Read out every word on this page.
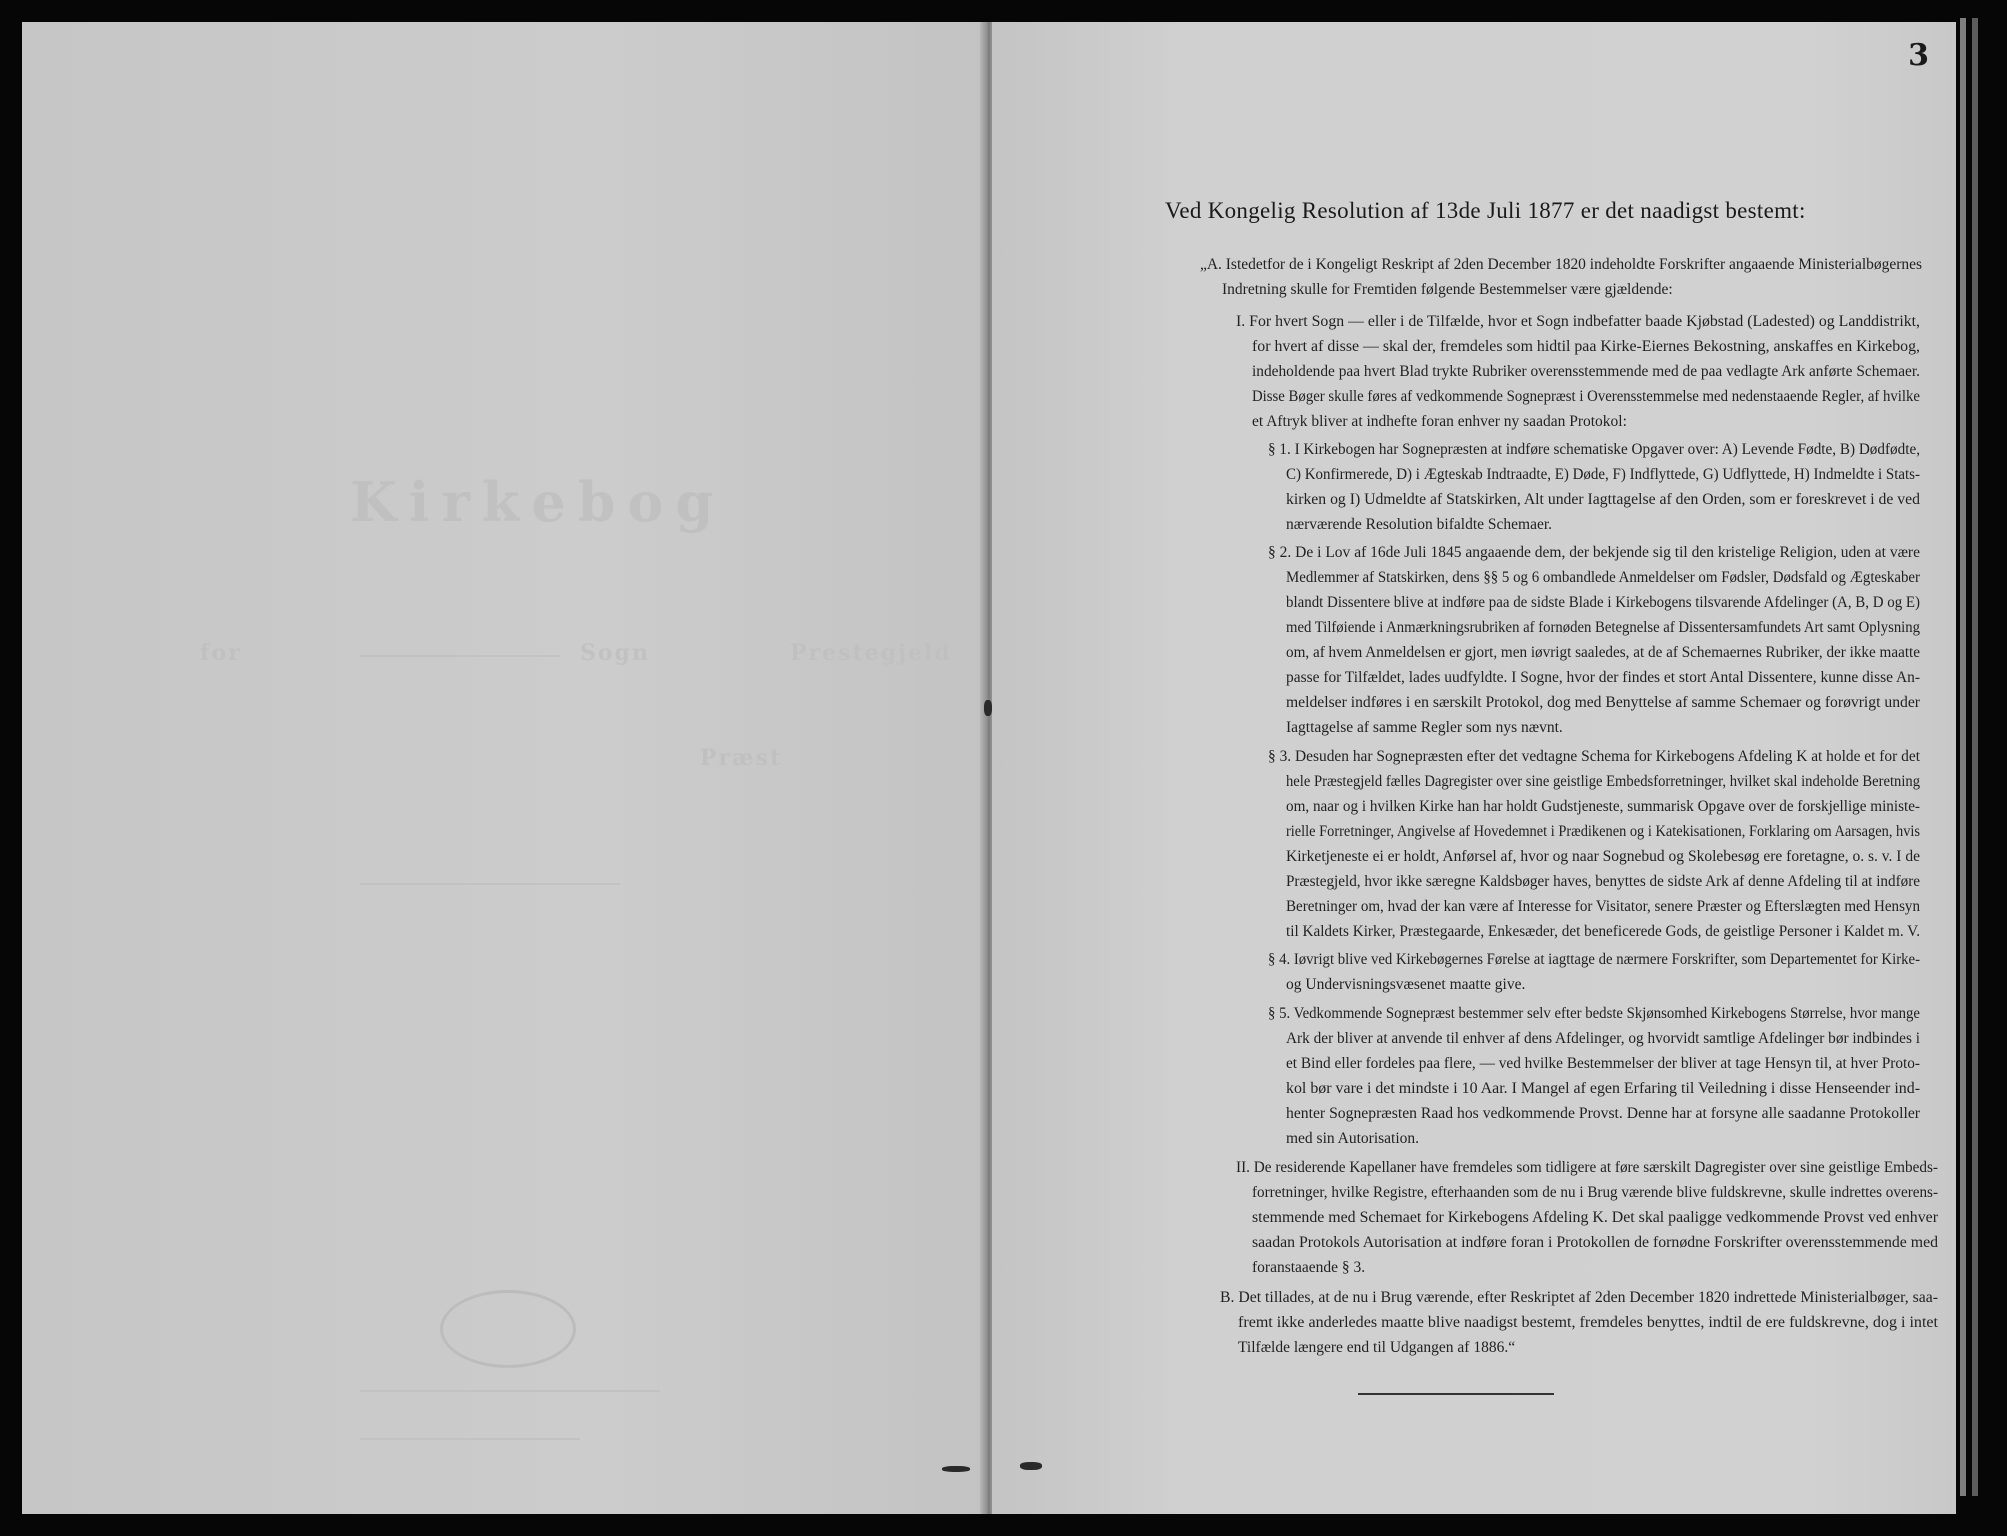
Kirkebog
for	Sogn	Prestegjeld
Præst
3
Ved Kongelig Resolution af 13de Juli 1877 er det naadigst bestemt:
„A. Istedetfor de i Kongeligt Reskript af 2den December 1820 indeholdte Forskrifter angaaende Ministerialbøgernes
Indretning skulle for Fremtiden følgende Bestemmelser være gjældende:
I. For hvert Sogn — eller i de Tilfælde, hvor et Sogn indbefatter baade Kjøbstad (Ladested) og Landdistrikt,
for hvert af disse — skal der, fremdeles som hidtil paa Kirke-Eiernes Bekostning, anskaffes en Kirkebog,
indeholdende paa hvert Blad trykte Rubriker overensstemmende med de paa vedlagte Ark anførte Schemaer.
Disse Bøger skulle føres af vedkommende Sognepræst i Overensstemmelse med nedenstaaende Regler, af hvilke
et Aftryk bliver at indhefte foran enhver ny saadan Protokol:
§ 1. I Kirkebogen har Sognepræsten at indføre schematiske Opgaver over: A) Levende Fødte, B) Dødfødte,
C) Konfirmerede, D) i Ægteskab Indtraadte, E) Døde, F) Indflyttede, G) Udflyttede, H) Indmeldte i Stats-
kirken og I) Udmeldte af Statskirken, Alt under Iagttagelse af den Orden, som er foreskrevet i de ved
nærværende Resolution bifaldte Schemaer.
§ 2. De i Lov af 16de Juli 1845 angaaende dem, der bekjende sig til den kristelige Religion, uden at være
Medlemmer af Statskirken, dens §§ 5 og 6 ombandlede Anmeldelser om Fødsler, Dødsfald og Ægteskaber
blandt Dissentere blive at indføre paa de sidste Blade i Kirkebogens tilsvarende Afdelinger (A, B, D og E)
med Tilføiende i Anmærkningsrubriken af fornøden Betegnelse af Dissentersamfundets Art samt Oplysning
om, af hvem Anmeldelsen er gjort, men iøvrigt saaledes, at de af Schemaernes Rubriker, der ikke maatte
passe for Tilfældet, lades uudfyldte. I Sogne, hvor der findes et stort Antal Dissentere, kunne disse An-
meldelser indføres i en særskilt Protokol, dog med Benyttelse af samme Schemaer og forøvrigt under
Iagttagelse af samme Regler som nys nævnt.
§ 3. Desuden har Sognepræsten efter det vedtagne Schema for Kirkebogens Afdeling K at holde et for det
hele Præstegjeld fælles Dagregister over sine geistlige Embedsforretninger, hvilket skal indeholde Beretning
om, naar og i hvilken Kirke han har holdt Gudstjeneste, summarisk Opgave over de forskjellige ministe-
rielle Forretninger, Angivelse af Hovedemnet i Prædikenen og i Katekisationen, Forklaring om Aarsagen, hvis
Kirketjeneste ei er holdt, Anførsel af, hvor og naar Sognebud og Skolebesøg ere foretagne, o. s. v. I de
Præstegjeld, hvor ikke særegne Kaldsbøger haves, benyttes de sidste Ark af denne Afdeling til at indføre
Beretninger om, hvad der kan være af Interesse for Visitator, senere Præster og Efterslægten med Hensyn
til Kaldets Kirker, Præstegaarde, Enkesæder, det beneficerede Gods, de geistlige Personer i Kaldet m. V.
§ 4. Iøvrigt blive ved Kirkebøgernes Førelse at iagttage de nærmere Forskrifter, som Departementet for Kirke-
og Undervisningsvæsenet maatte give.
§ 5. Vedkommende Sognepræst bestemmer selv efter bedste Skjønsomhed Kirkebogens Størrelse, hvor mange
Ark der bliver at anvende til enhver af dens Afdelinger, og hvorvidt samtlige Afdelinger bør indbindes i
et Bind eller fordeles paa flere, — ved hvilke Bestemmelser der bliver at tage Hensyn til, at hver Proto-
kol bør vare i det mindste i 10 Aar. I Mangel af egen Erfaring til Veiledning i disse Henseender ind-
henter Sognepræsten Raad hos vedkommende Provst. Denne har at forsyne alle saadanne Protokoller
med sin Autorisation.
II. De residerende Kapellaner have fremdeles som tidligere at føre særskilt Dagregister over sine geistlige Embeds-
forretninger, hvilke Registre, efterhaanden som de nu i Brug værende blive fuldskrevne, skulle indrettes overens-
stemmende med Schemaet for Kirkebogens Afdeling K. Det skal paaligge vedkommende Provst ved enhver
saadan Protokols Autorisation at indføre foran i Protokollen de fornødne Forskrifter overensstemmende med
foranstaaende § 3.
B. Det tillades, at de nu i Brug værende, efter Reskriptet af 2den December 1820 indrettede Ministerialbøger, saa-
fremt ikke anderledes maatte blive naadigst bestemt, fremdeles benyttes, indtil de ere fuldskrevne, dog i intet
Tilfælde længere end til Udgangen af 1886.“
